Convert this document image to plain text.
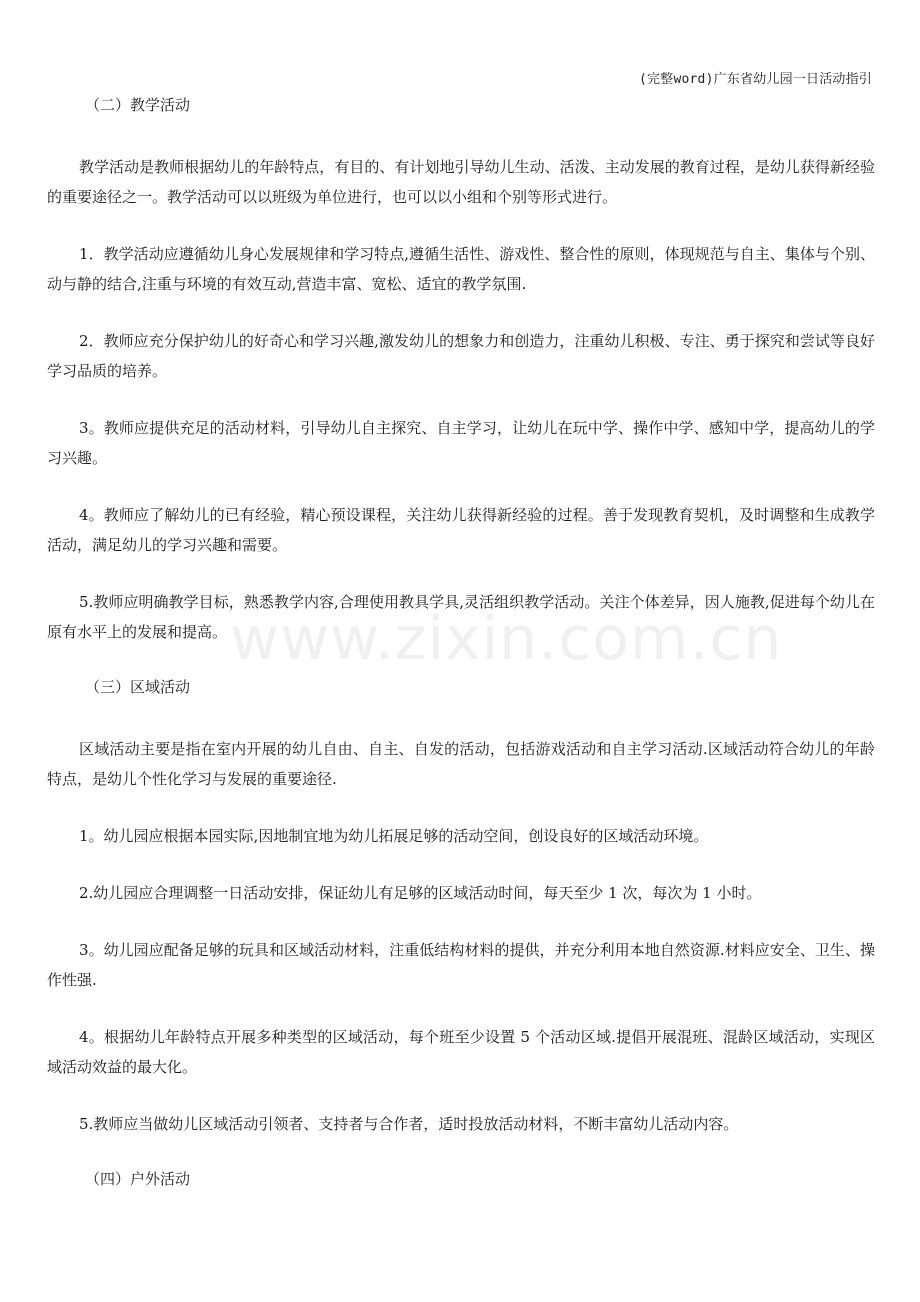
(完整word)广东省幼儿园一日活动指引
www.zixin.com.cn

（二）教学活动

教学活动是教师根据幼儿的年龄特点，有目的、有计划地引导幼儿生动、活泼、主动发展的教育过程，是幼儿获得新经验的重要途径之一。教学活动可以以班级为单位进行，也可以以小组和个别等形式进行。

1．教学活动应遵循幼儿身心发展规律和学习特点,遵循生活性、游戏性、整合性的原则，体现规范与自主、集体与个别、动与静的结合,注重与环境的有效互动,营造丰富、宽松、适宜的教学氛围.

2．教师应充分保护幼儿的好奇心和学习兴趣,激发幼儿的想象力和创造力，注重幼儿积极、专注、勇于探究和尝试等良好学习品质的培养。

3。教师应提供充足的活动材料，引导幼儿自主探究、自主学习，让幼儿在玩中学、操作中学、感知中学，提高幼儿的学习兴趣。

4。教师应了解幼儿的已有经验，精心预设课程，关注幼儿获得新经验的过程。善于发现教育契机，及时调整和生成教学活动，满足幼儿的学习兴趣和需要。

5.教师应明确教学目标，熟悉教学内容,合理使用教具学具,灵活组织教学活动。关注个体差异，因人施教,促进每个幼儿在原有水平上的发展和提高。

（三）区域活动

区域活动主要是指在室内开展的幼儿自由、自主、自发的活动，包括游戏活动和自主学习活动.区域活动符合幼儿的年龄特点，是幼儿个性化学习与发展的重要途径.

1。幼儿园应根据本园实际,因地制宜地为幼儿拓展足够的活动空间，创设良好的区域活动环境。

2.幼儿园应合理调整一日活动安排，保证幼儿有足够的区域活动时间，每天至少 1 次，每次为 1 小时。

3。幼儿园应配备足够的玩具和区域活动材料，注重低结构材料的提供，并充分利用本地自然资源.材料应安全、卫生、操作性强.

4。根据幼儿年龄特点开展多种类型的区域活动，每个班至少设置 5 个活动区域.提倡开展混班、混龄区域活动，实现区域活动效益的最大化。

5.教师应当做幼儿区域活动引领者、支持者与合作者，适时投放活动材料，不断丰富幼儿活动内容。

（四）户外活动
